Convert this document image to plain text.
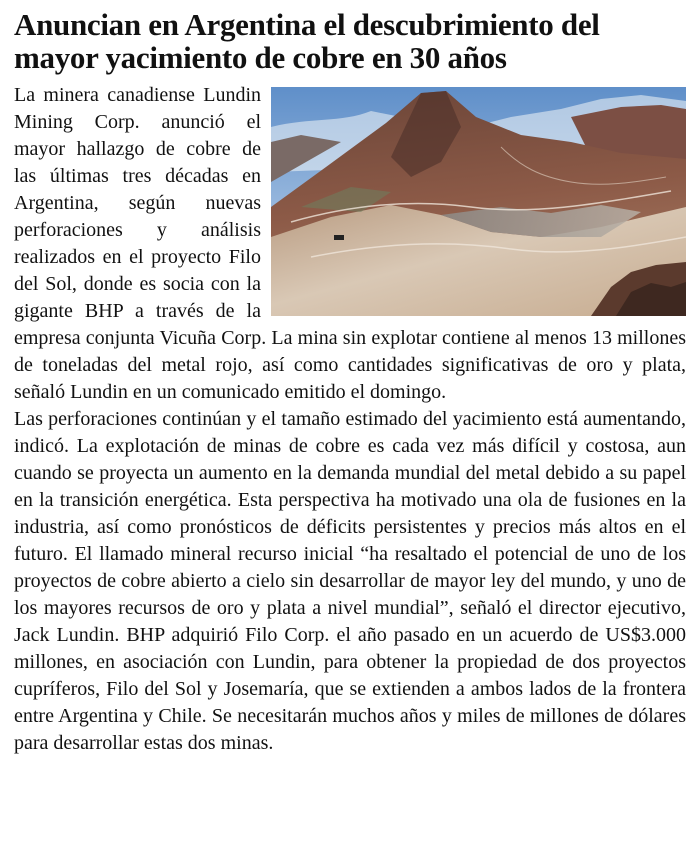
Anuncian en Argentina el descubrimiento del mayor yacimiento de cobre en 30 años

La minera canadiense Lundin Mining Corp. anunció el mayor hallazgo de cobre de las últimas tres décadas en Argentina, según nuevas perforaciones y análisis realizados en el proyecto Filo del Sol, donde es socia con la gigante BHP a través de la empresa conjunta Vicuña Corp. La mina sin explotar contiene al menos 13 millones de toneladas del metal rojo, así como cantidades significativas de oro y plata, señaló Lundin en un comunicado emitido el domingo.

Las perforaciones continúan y el tamaño estimado del yacimiento está aumentando, indicó. La explotación de minas de cobre es cada vez más difícil y costosa, aun cuando se proyecta un aumento en la demanda mundial del metal debido a su papel en la transición energética. Esta perspectiva ha motivado una ola de fusiones en la industria, así como pronósticos de déficits persistentes y precios más altos en el futuro. El llamado mineral recurso inicial “ha resaltado el potencial de uno de los proyectos de cobre abierto a cielo sin desarrollar de mayor ley del mundo, y uno de los mayores recursos de oro y plata a nivel mundial”, señaló el director ejecutivo, Jack Lundin. BHP adquirió Filo Corp. el año pasado en un acuerdo de US$3.000 millones, en asociación con Lundin, para obtener la propiedad de dos proyectos cupríferos, Filo del Sol y Josemaría, que se extienden a ambos lados de la frontera entre Argentina y Chile. Se necesitarán muchos años y miles de millones de dólares para desarrollar estas dos minas.
